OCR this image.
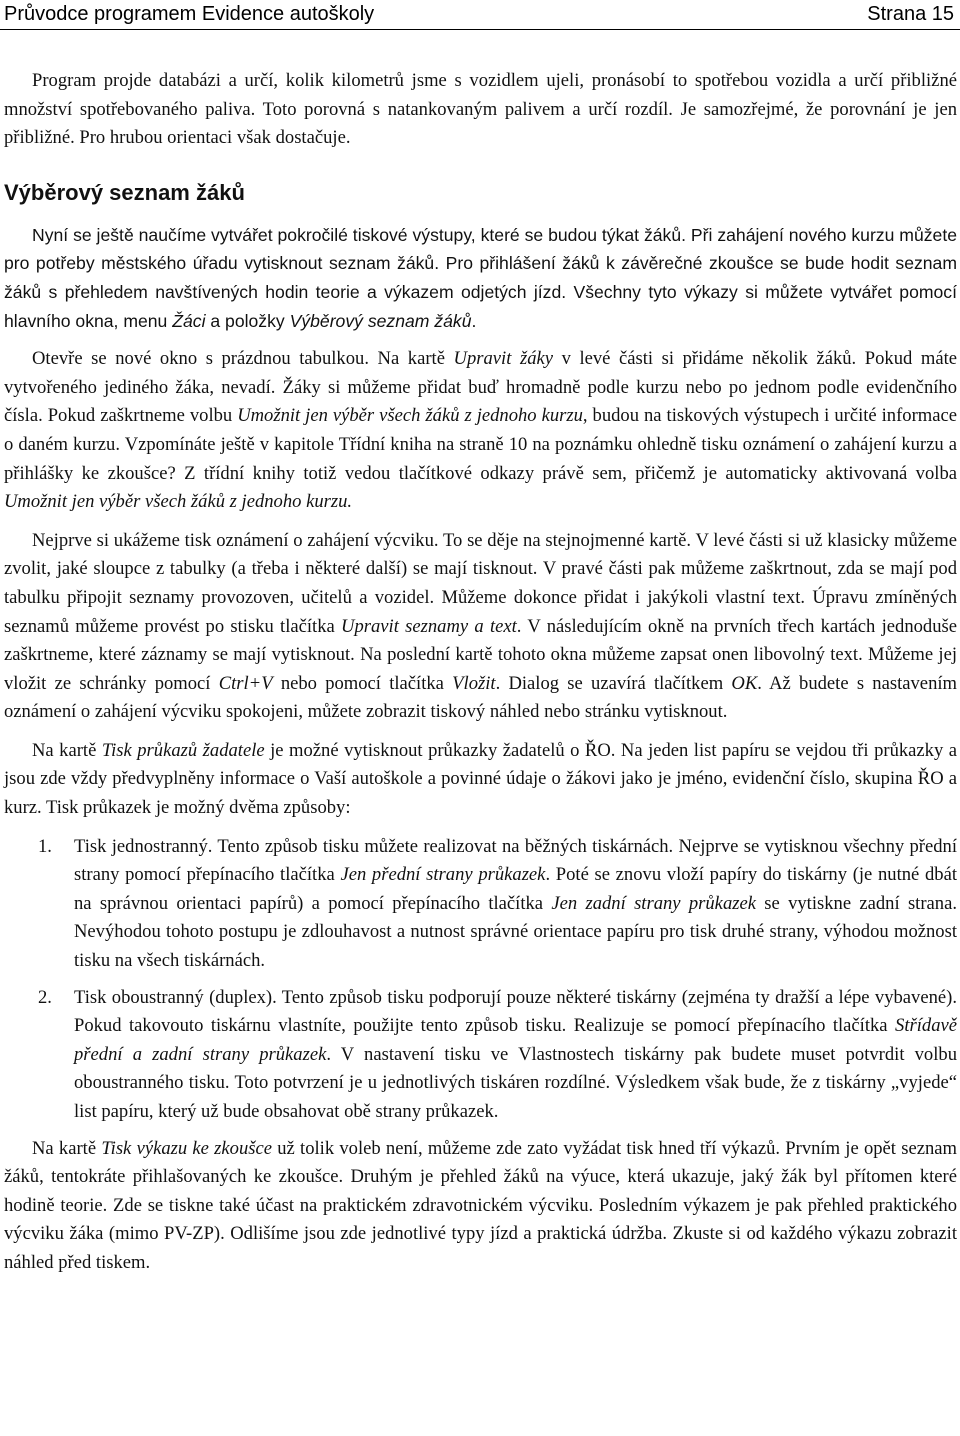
Průvodce programem Evidence autoškoly	Strana 15

Program projde databázi a určí, kolik kilometrů jsme s vozidlem ujeli, pronásobí to spotřebou vozidla a určí přibližné množství spotřebovaného paliva. Toto porovná s natankovaným palivem a určí rozdíl. Je samozřejmé, že porovnání je jen přibližné. Pro hrubou orientaci však dostačuje.

Výběrový seznam žáků

Nyní se ještě naučíme vytvářet pokročilé tiskové výstupy, které se budou týkat žáků. Při zahájení nového kurzu můžete pro potřeby městského úřadu vytisknout seznam žáků. Pro přihlášení žáků k závěrečné zkoušce se bude hodit seznam žáků s přehledem navštívených hodin teorie a výkazem odjetých jízd. Všechny tyto výkazy si můžete vytvářet pomocí hlavního okna, menu Žáci a položky Výběrový seznam žáků.

Otevře se nové okno s prázdnou tabulkou. Na kartě Upravit žáky v levé části si přidáme několik žáků. Pokud máte vytvořeného jediného žáka, nevadí. Žáky si můžeme přidat buď hromadně podle kurzu nebo po jednom podle evidenčního čísla. Pokud zaškrtneme volbu Umožnit jen výběr všech žáků z jednoho kurzu, budou na tiskových výstupech i určité informace o daném kurzu. Vzpomínáte ještě v kapitole Třídní kniha na straně 10 na poznámku ohledně tisku oznámení o zahájení kurzu a přihlášky ke zkoušce? Z třídní knihy totiž vedou tlačítkové odkazy právě sem, přičemž je automaticky aktivovaná volba Umožnit jen výběr všech žáků z jednoho kurzu.

Nejprve si ukážeme tisk oznámení o zahájení výcviku. To se děje na stejnojmenné kartě. V levé části si už klasicky můžeme zvolit, jaké sloupce z tabulky (a třeba i některé další) se mají tisknout. V pravé části pak můžeme zaškrtnout, zda se mají pod tabulku připojit seznamy provozoven, učitelů a vozidel. Můžeme dokonce přidat i jakýkoli vlastní text. Úpravu zmíněných seznamů můžeme provést po stisku tlačítka Upravit seznamy a text. V následujícím okně na prvních třech kartách jednoduše zaškrtneme, které záznamy se mají vytisknout. Na poslední kartě tohoto okna můžeme zapsat onen libovolný text. Můžeme jej vložit ze schránky pomocí Ctrl+V nebo pomocí tlačítka Vložit. Dialog se uzavírá tlačítkem OK. Až budete s nastavením oznámení o zahájení výcviku spokojeni, můžete zobrazit tiskový náhled nebo stránku vytisknout.

Na kartě Tisk průkazů žadatele je možné vytisknout průkazky žadatelů o ŘO. Na jeden list papíru se vejdou tři průkazky a jsou zde vždy předvyplněny informace o Vaší autoškole a povinné údaje o žákovi jako je jméno, evidenční číslo, skupina ŘO a kurz. Tisk průkazek je možný dvěma způsoby:

1. Tisk jednostranný. Tento způsob tisku můžete realizovat na běžných tiskárnách. Nejprve se vytisknou všechny přední strany pomocí přepínacího tlačítka Jen přední strany průkazek. Poté se znovu vloží papíry do tiskárny (je nutné dbát na správnou orientaci papírů) a pomocí přepínacího tlačítka Jen zadní strany průkazek se vytiskne zadní strana. Nevýhodou tohoto postupu je zdlouhavost a nutnost správné orientace papíru pro tisk druhé strany, výhodou možnost tisku na všech tiskárnách.
2. Tisk oboustranný (duplex). Tento způsob tisku podporují pouze některé tiskárny (zejména ty dražší a lépe vybavené). Pokud takovouto tiskárnu vlastníte, použijte tento způsob tisku. Realizuje se pomocí přepínacího tlačítka Střídavě přední a zadní strany průkazek. V nastavení tisku ve Vlastnostech tiskárny pak budete muset potvrdit volbu oboustranného tisku. Toto potvrzení je u jednotlivých tiskáren rozdílné. Výsledkem však bude, že z tiskárny „vyjede“ list papíru, který už bude obsahovat obě strany průkazek.

Na kartě Tisk výkazu ke zkoušce už tolik voleb není, můžeme zde zato vyžádat tisk hned tří výkazů. Prvním je opět seznam žáků, tentokráte přihlašovaných ke zkoušce. Druhým je přehled žáků na výuce, která ukazuje, jaký žák byl přítomen které hodině teorie. Zde se tiskne také účast na praktickém zdravotnickém výcviku. Posledním výkazem je pak přehled praktického výcviku žáka (mimo PV-ZP). Odlišíme jsou zde jednotlivé typy jízd a praktická údržba. Zkuste si od každého výkazu zobrazit náhled před tiskem.
